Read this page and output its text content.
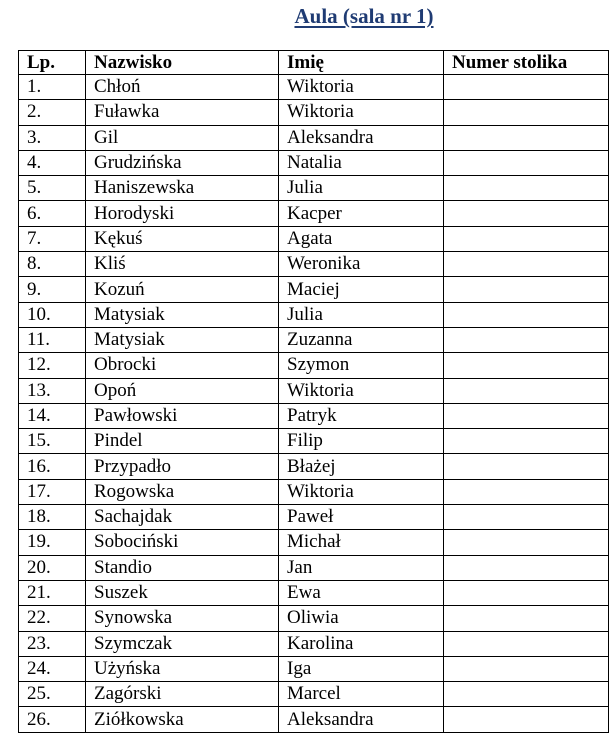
Aula (sala nr 1)
Lp.	Nazwisko	Imię	Numer stolika
1.	Chłoń	Wiktoria	
2.	Fuławka	Wiktoria	
3.	Gil	Aleksandra	
4.	Grudzińska	Natalia	
5.	Haniszewska	Julia	
6.	Horodyski	Kacper	
7.	Kękuś	Agata	
8.	Kliś	Weronika	
9.	Kozuń	Maciej	
10.	Matysiak	Julia	
11.	Matysiak	Zuzanna	
12.	Obrocki	Szymon	
13.	Opoń	Wiktoria	
14.	Pawłowski	Patryk	
15.	Pindel	Filip	
16.	Przypadło	Błażej	
17.	Rogowska	Wiktoria	
18.	Sachajdak	Paweł	
19.	Sobociński	Michał	
20.	Standio	Jan	
21.	Suszek	Ewa	
22.	Synowska	Oliwia	
23.	Szymczak	Karolina	
24.	Użyńska	Iga	
25.	Zagórski	Marcel	
26.	Ziółkowska	Aleksandra	
